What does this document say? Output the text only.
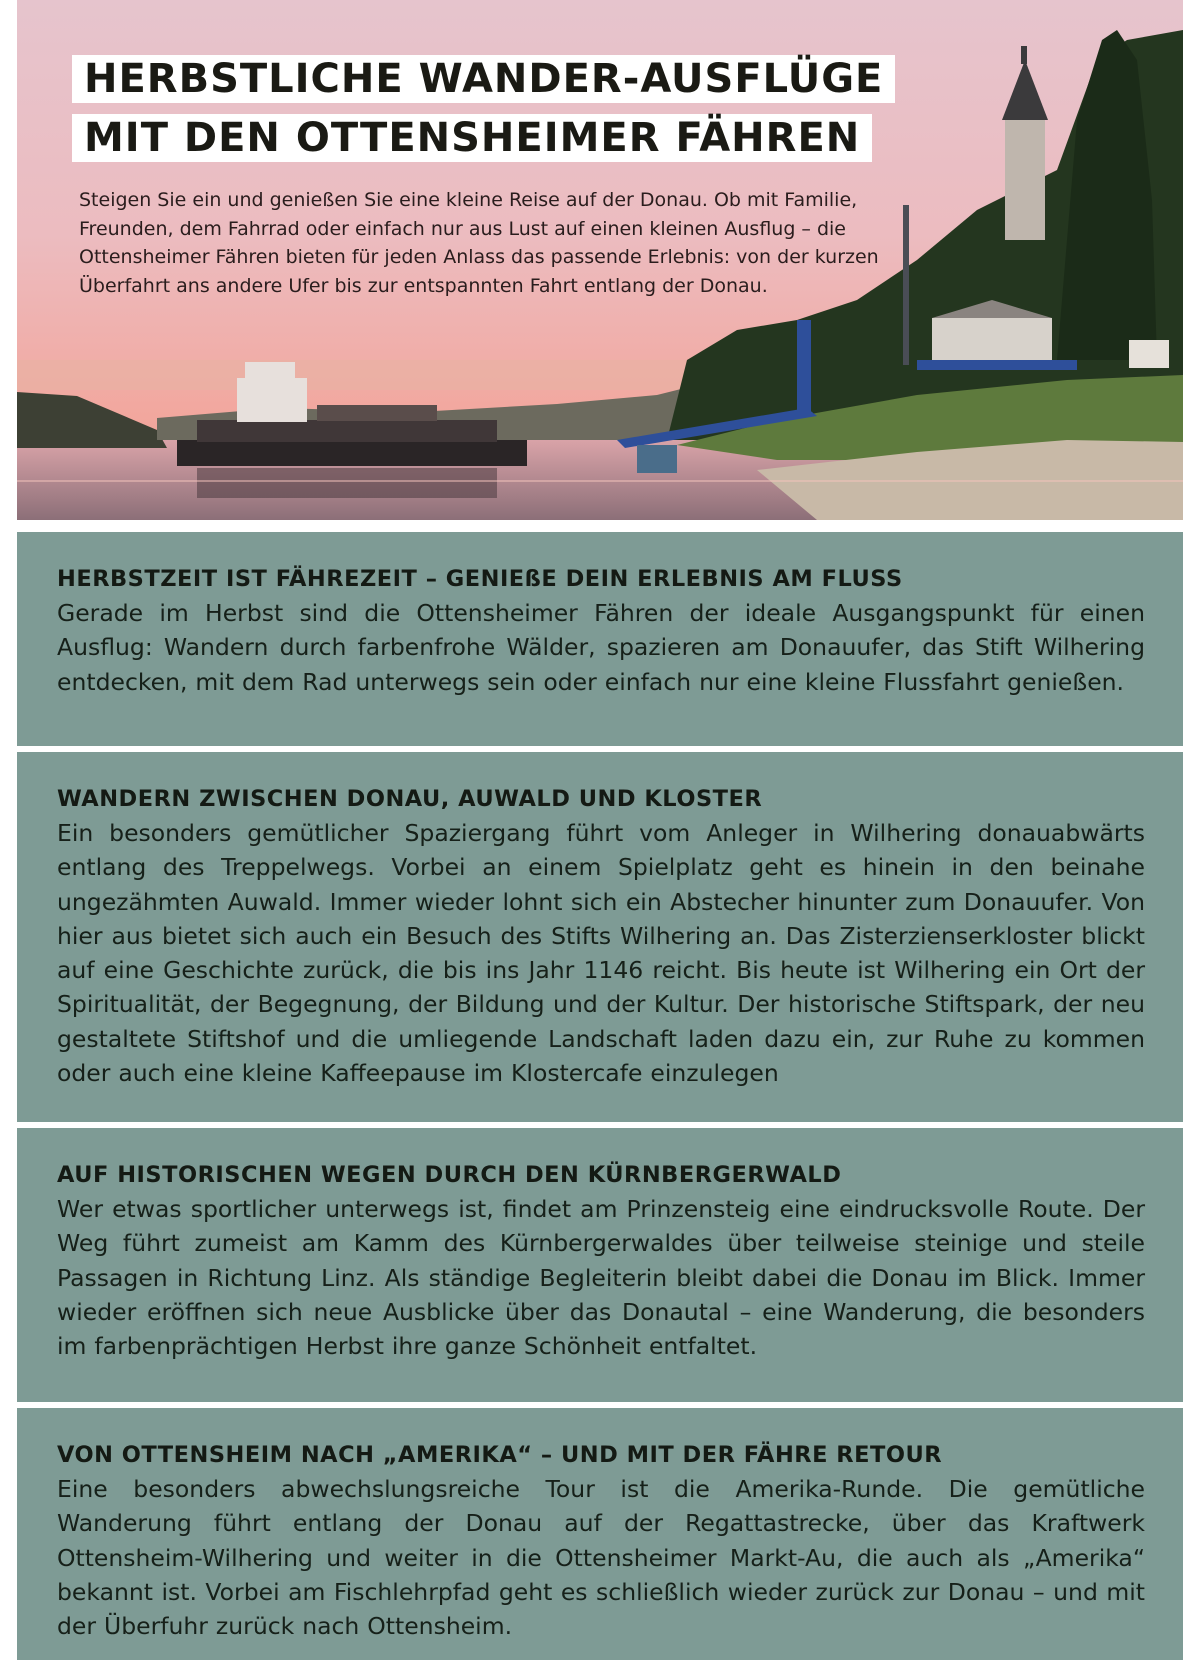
HERBSTLICHE WANDER-AUSFLÜGE
MIT DEN OTTENSHEIMER FÄHREN
Steigen Sie ein und genießen Sie eine kleine Reise auf der Donau. Ob mit Familie, Freunden, dem Fahrrad oder einfach nur aus Lust auf einen kleinen Ausflug – die Ottensheimer Fähren bieten für jeden Anlass das passende Erlebnis: von der kurzen Überfahrt ans andere Ufer bis zur entspannten Fahrt entlang der Donau.
HERBSTZEIT IST FÄHREZEIT – GENIEßE DEIN ERLEBNIS AM FLUSS

Gerade im Herbst sind die Ottensheimer Fähren der ideale Ausgangspunkt für einen Ausflug: Wandern durch farbenfrohe Wälder, spazieren am Donauufer, das Stift Wilhering entdecken, mit dem Rad unterwegs sein oder einfach nur eine kleine Flussfahrt genießen.

WANDERN ZWISCHEN DONAU, AUWALD UND KLOSTER

Ein besonders gemütlicher Spaziergang führt vom Anleger in Wilhering donauabwärts entlang des Treppelwegs. Vorbei an einem Spielplatz geht es hinein in den beinahe ungezähmten Auwald. Immer wieder lohnt sich ein Abstecher hinunter zum Donauufer. Von hier aus bietet sich auch ein Besuch des Stifts Wilhering an. Das Zisterzienserkloster blickt auf eine Geschichte zurück, die bis ins Jahr 1146 reicht. Bis heute ist Wilhering ein Ort der Spiritualität, der Begegnung, der Bildung und der Kultur. Der historische Stiftspark, der neu gestaltete Stiftshof und die umliegende Landschaft laden dazu ein, zur Ruhe zu kommen oder auch eine kleine Kaffeepause im Klostercafe einzulegen

AUF HISTORISCHEN WEGEN DURCH DEN KÜRNBERGERWALD

Wer etwas sportlicher unterwegs ist, findet am Prinzensteig eine eindrucksvolle Route. Der Weg führt zumeist am Kamm des Kürnbergerwaldes über teilweise steinige und steile Passagen in Richtung Linz. Als ständige Begleiterin bleibt dabei die Donau im Blick. Immer wieder eröffnen sich neue Ausblicke über das Donautal – eine Wanderung, die besonders im farbenprächtigen Herbst ihre ganze Schönheit entfaltet.

VON OTTENSHEIM NACH „AMERIKA“ – UND MIT DER FÄHRE RETOUR

Eine besonders abwechslungsreiche Tour ist die Amerika-Runde. Die gemütliche Wanderung führt entlang der Donau auf der Regattastrecke, über das Kraftwerk Ottensheim-Wilhering und weiter in die Ottensheimer Markt-Au, die auch als „Amerika“ bekannt ist. Vorbei am Fischlehrpfad geht es schließlich wieder zurück zur Donau – und mit der Überfuhr zurück nach Ottensheim.
